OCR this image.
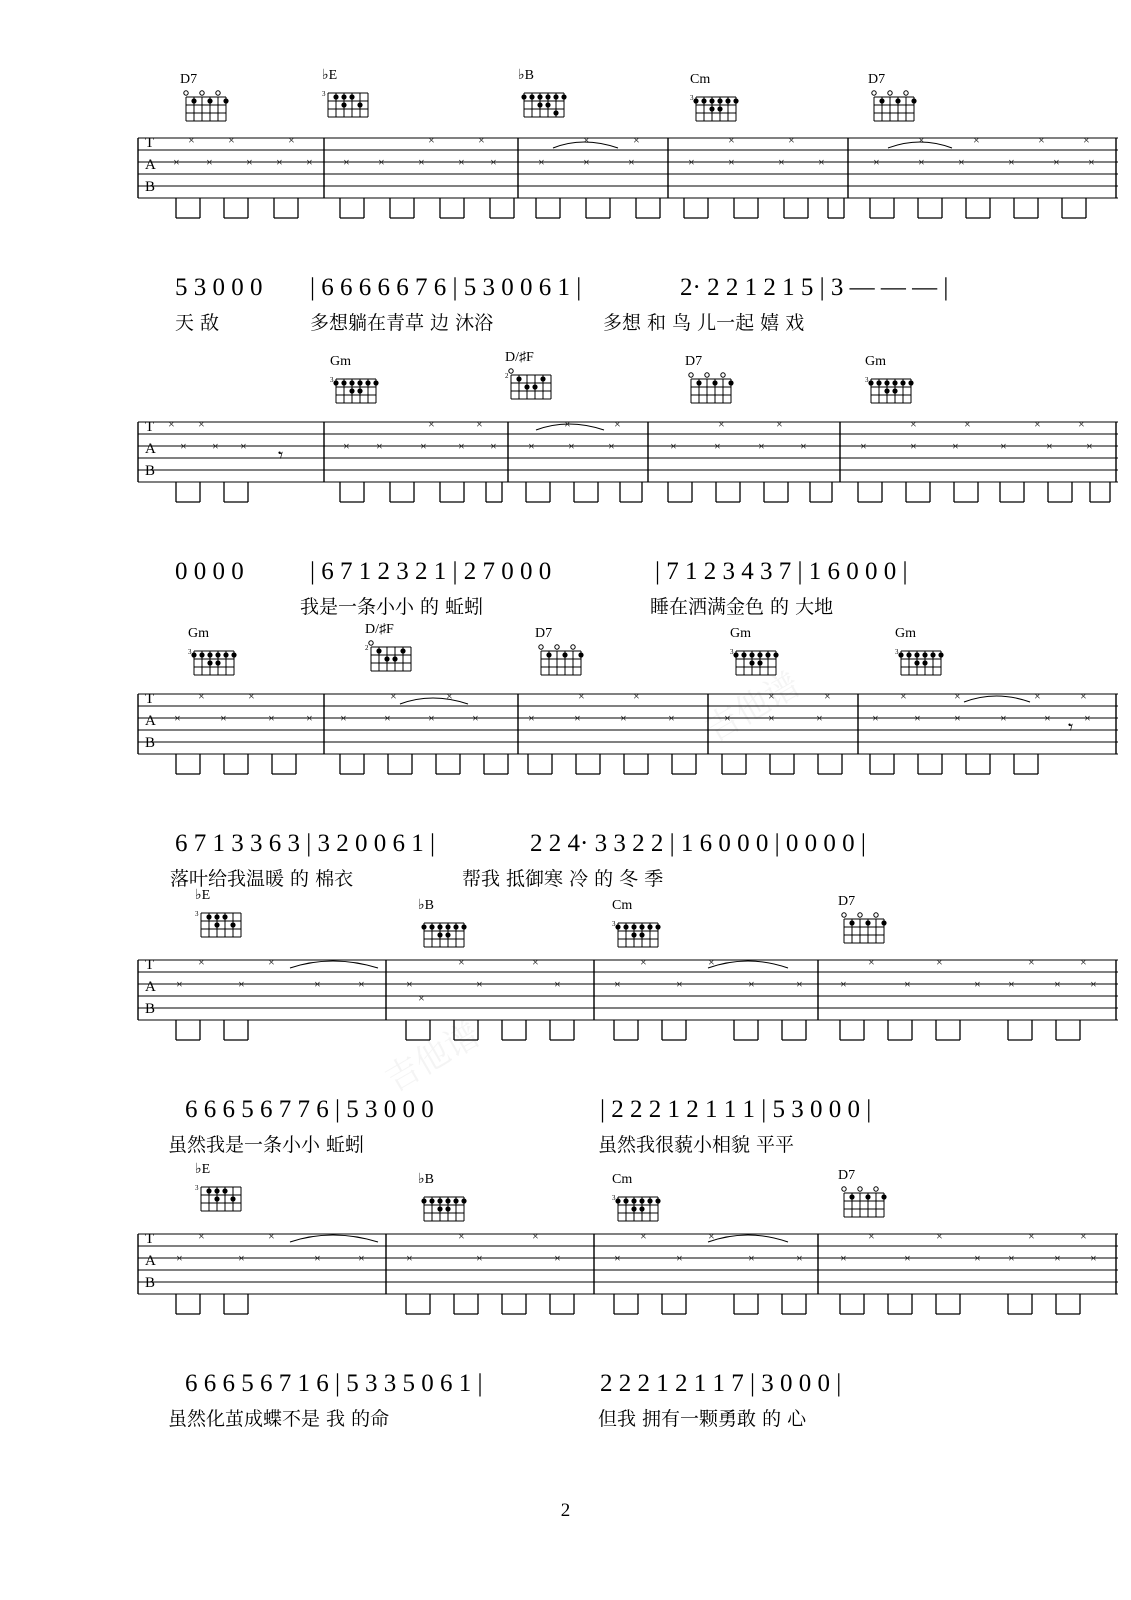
D7	♭E
3
♭B	Cm
3
D7
T
A
B
×	×	×
× ×	× × ×	× ×	×	× ×
×	×
×	×	×
×	×
×	×	×	×
×	×
×	×	×
×	×
×	× ×
×	×
5 3 0 0 0 | 6 6 6 6 6 7 6 | 5 3 0 0 6 1 |	2· 2 2 1 2 1 5 | 3 — — — |
天 敌	多想躺在青草 边 沐浴	多想 和 鸟 儿一起 嬉 戏
Gm
3
D/♯F
2
D7	Gm
3
T
A
B
× ×
× × ×	× ×	×	× ×
×	×
×	×	×
×	×
×	×	×	×
×	×
×	×	×
×	×
×	×	×
×	×
𝄾
0 0 0 0	| 6 7 1 2 3 2 1 | 2 7 0 0 0	| 7 1 2 3 4 3 7 | 1 6 0 0 0 |
我是一条小小 的 蚯蚓	睡在洒满金色 的 大地
Gm
3
D/♯F
2
D7	Gm
3
Gm
3
T
A
B
×	×
×	×	×	× ×	×	×	×
×	×
×	×	×	×
×	×
×	×	×
×	×
×	×	×
×	×
×	×	×
×	×
𝄾
6 7 1 3 3 6 3 | 3 2 0 0 6 1 |	2 2 4· 3 3 2 2 | 1 6 0 0 0 | 0 0 0 0 |
落叶给我温暖 的 棉衣	帮我 抵御寒 冷 的 冬 季
♭E
3
♭B	Cm
3
D7
T
A
B
×	×
×	×	×	×
×	×
×	×	×
×
×	×
×	×	×	×
×	×
×	×	× ×	× ×
×	×
6 6 6 5 6 7 7 6 | 5 3 0 0 0	| 2 2 2 1 2 1 1 1 | 5 3 0 0 0 |
虽然我是一条小小 蚯蚓	虽然我很藐小相貌 平平
♭E
3
♭B	Cm
3
D7
T
A
B
×	×
×	×	×	×
×	×
×	×	×
×	×
×	×	×	×
×	×
×	×	× ×	× ×
×	×
6 6 6 5 6 7 1 6 | 5 3 3 5 0 6 1 |	2 2 2 1 2 1 1 7 | 3 0 0 0 |
虽然化茧成蝶不是 我 的命	但我 拥有一颗勇敢 的 心
2
